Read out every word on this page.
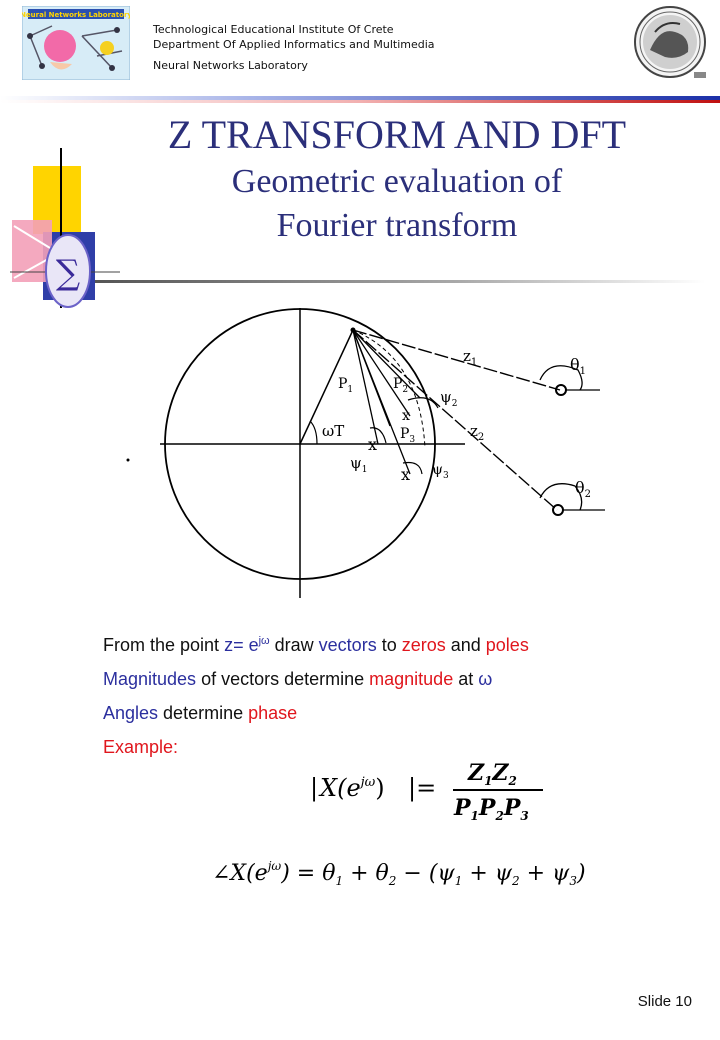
Neural Networks Laboratory
Technological Educational Institute Of Crete
Department Of Applied Informatics and Multimedia
Neural Networks Laboratory
∑
Z TRANSFORM AND DFT
Geometric evaluation of
Fourier transform
x
x
x
$z_1$
$z_2$
$\theta_1$
$\theta_2$
$P_1$	$P_2$
$P_3$
$\psi_2$
$\psi_1$	$\psi_3$
ωT
From the point $z= e^{j\omega}$ draw vectors to zeros and poles
Magnitudes of vectors determine magnitude at ω
Angles determine phase
Example:
| $X(e^{j\omega})$ |=
$Z_1Z_2$
$P_1P_2P_3$
$\angle X(e^{j\omega}) = \theta_1 + \theta_2 - (\psi_1 + \psi_2 + \psi_3)$
Slide 10
